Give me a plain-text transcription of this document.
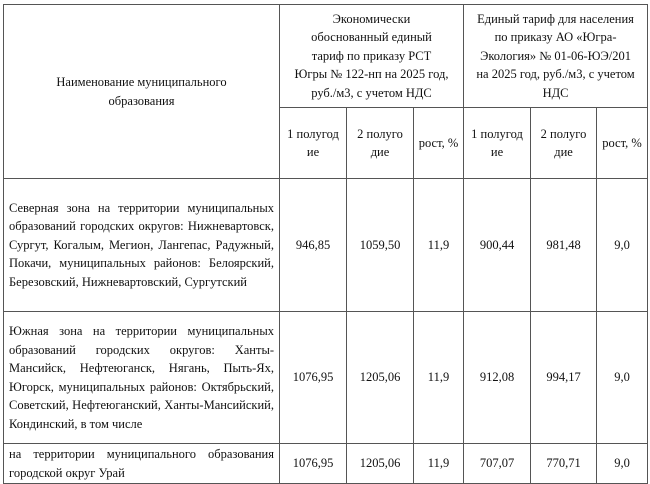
Наименование муниципального образования	Экономически обоснованный единый тариф по приказу РСТ Югры № 122-нп на 2025 год, руб./м3, с учетом НДС			Единый тариф для населения по приказу АО «Югра-Экология» № 01-06-ЮЭ/201 на 2025 год, руб./м3, с учетом НДС		
	1 полугод ие	2 полуго дие	рост, %	1 полугод ие	2 полуго дие	рост, %
Северная зона на территории муниципальных образований городских округов: Нижневартовск, Сургут, Когалым, Мегион, Лангепас, Радужный, Покачи, муниципальных районов: Белоярский, Березовский, Нижневартовский, Сургутский	946,85	1059,50	11,9	900,44	981,48	9,0
Южная зона на территории муниципальных образований городских округов: Ханты-Мансийск, Нефтеюганск, Нягань, Пыть-Ях, Югорск, муниципальных районов: Октябрьский, Советский, Нефтеюганский, Ханты-Мансийский, Кондинский, в том числе	1076,95	1205,06	11,9	912,08	994,17	9,0
на территории муниципального образования городской округ Урай	1076,95	1205,06	11,9	707,07	770,71	9,0
